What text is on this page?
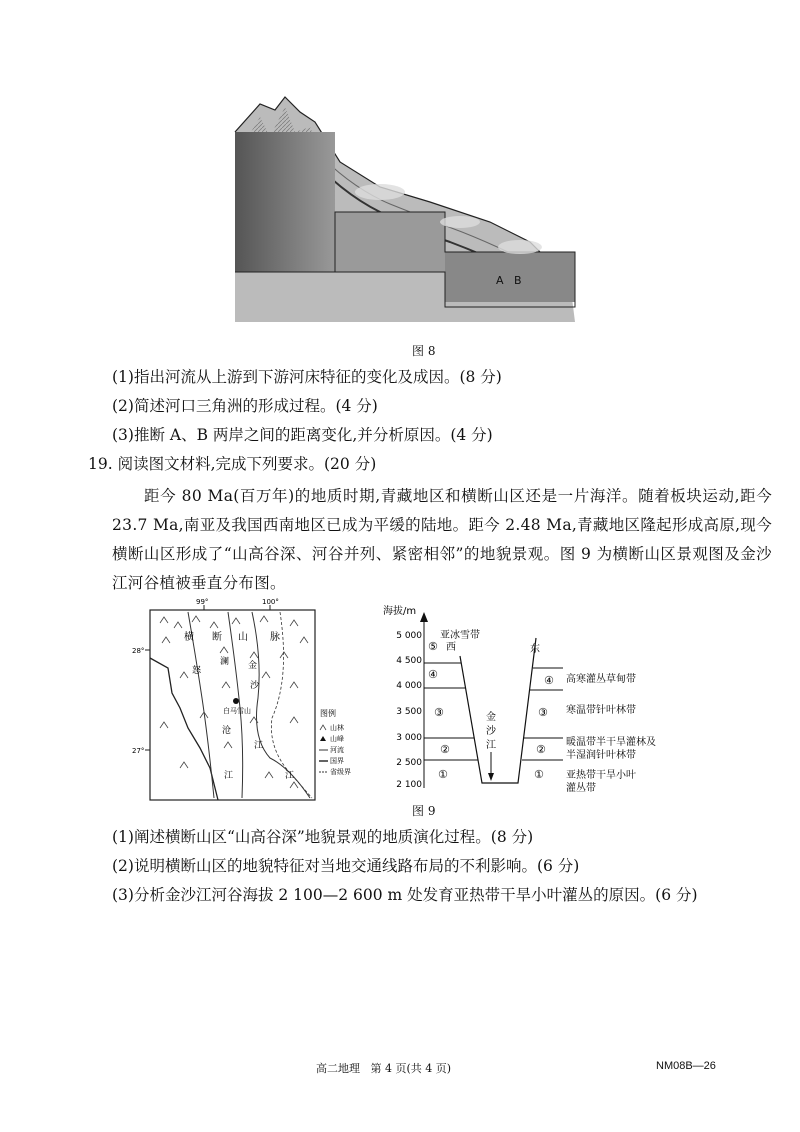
A B
图 8
(1)指出河流从上游到下游河床特征的变化及成因。(8 分)
(2)简述河口三角洲的形成过程。(4 分)
(3)推断 A、B 两岸之间的距离变化,并分析原因。(4 分)
19. 阅读图文材料,完成下列要求。(20 分)
距今 80 Ma(百万年)的地质时期,青藏地区和横断山区还是一片海洋。随着板块运动,距今 23.7 Ma,南亚及我国西南地区已成为平缓的陆地。距今 2.48 Ma,青藏地区隆起形成高原,现今横断山区形成了“山高谷深、河谷并列、紧密相邻”的地貌景观。图 9 为横断山区景观图及金沙江河谷植被垂直分布图。
99°	100°
28°
27°
白马雪山
横 断 山 脉
金
沙
江
澜
沧
江
怒
江
图例
山林
山峰
河流
国界
省级界
海拔/m
5 000
4 500
4 000
3 500
3 000
2 500
2 100
①
②
③
④
⑤
①
②
③
④
亚冰雪带
西	东
金
沙
江
高寒灌丛草甸带
寒温带针叶林带
暖温带半干旱灌林及
半湿润针叶林带
亚热带干旱小叶
灌丛带
图 9
(1)阐述横断山区“山高谷深”地貌景观的地质演化过程。(8 分)
(2)说明横断山区的地貌特征对当地交通线路布局的不利影响。(6 分)
(3)分析金沙江河谷海拔 2 100—2 600 m 处发育亚热带干旱小叶灌丛的原因。(6 分)
高二地理   第 4 页(共 4 页)	NM08B—26
